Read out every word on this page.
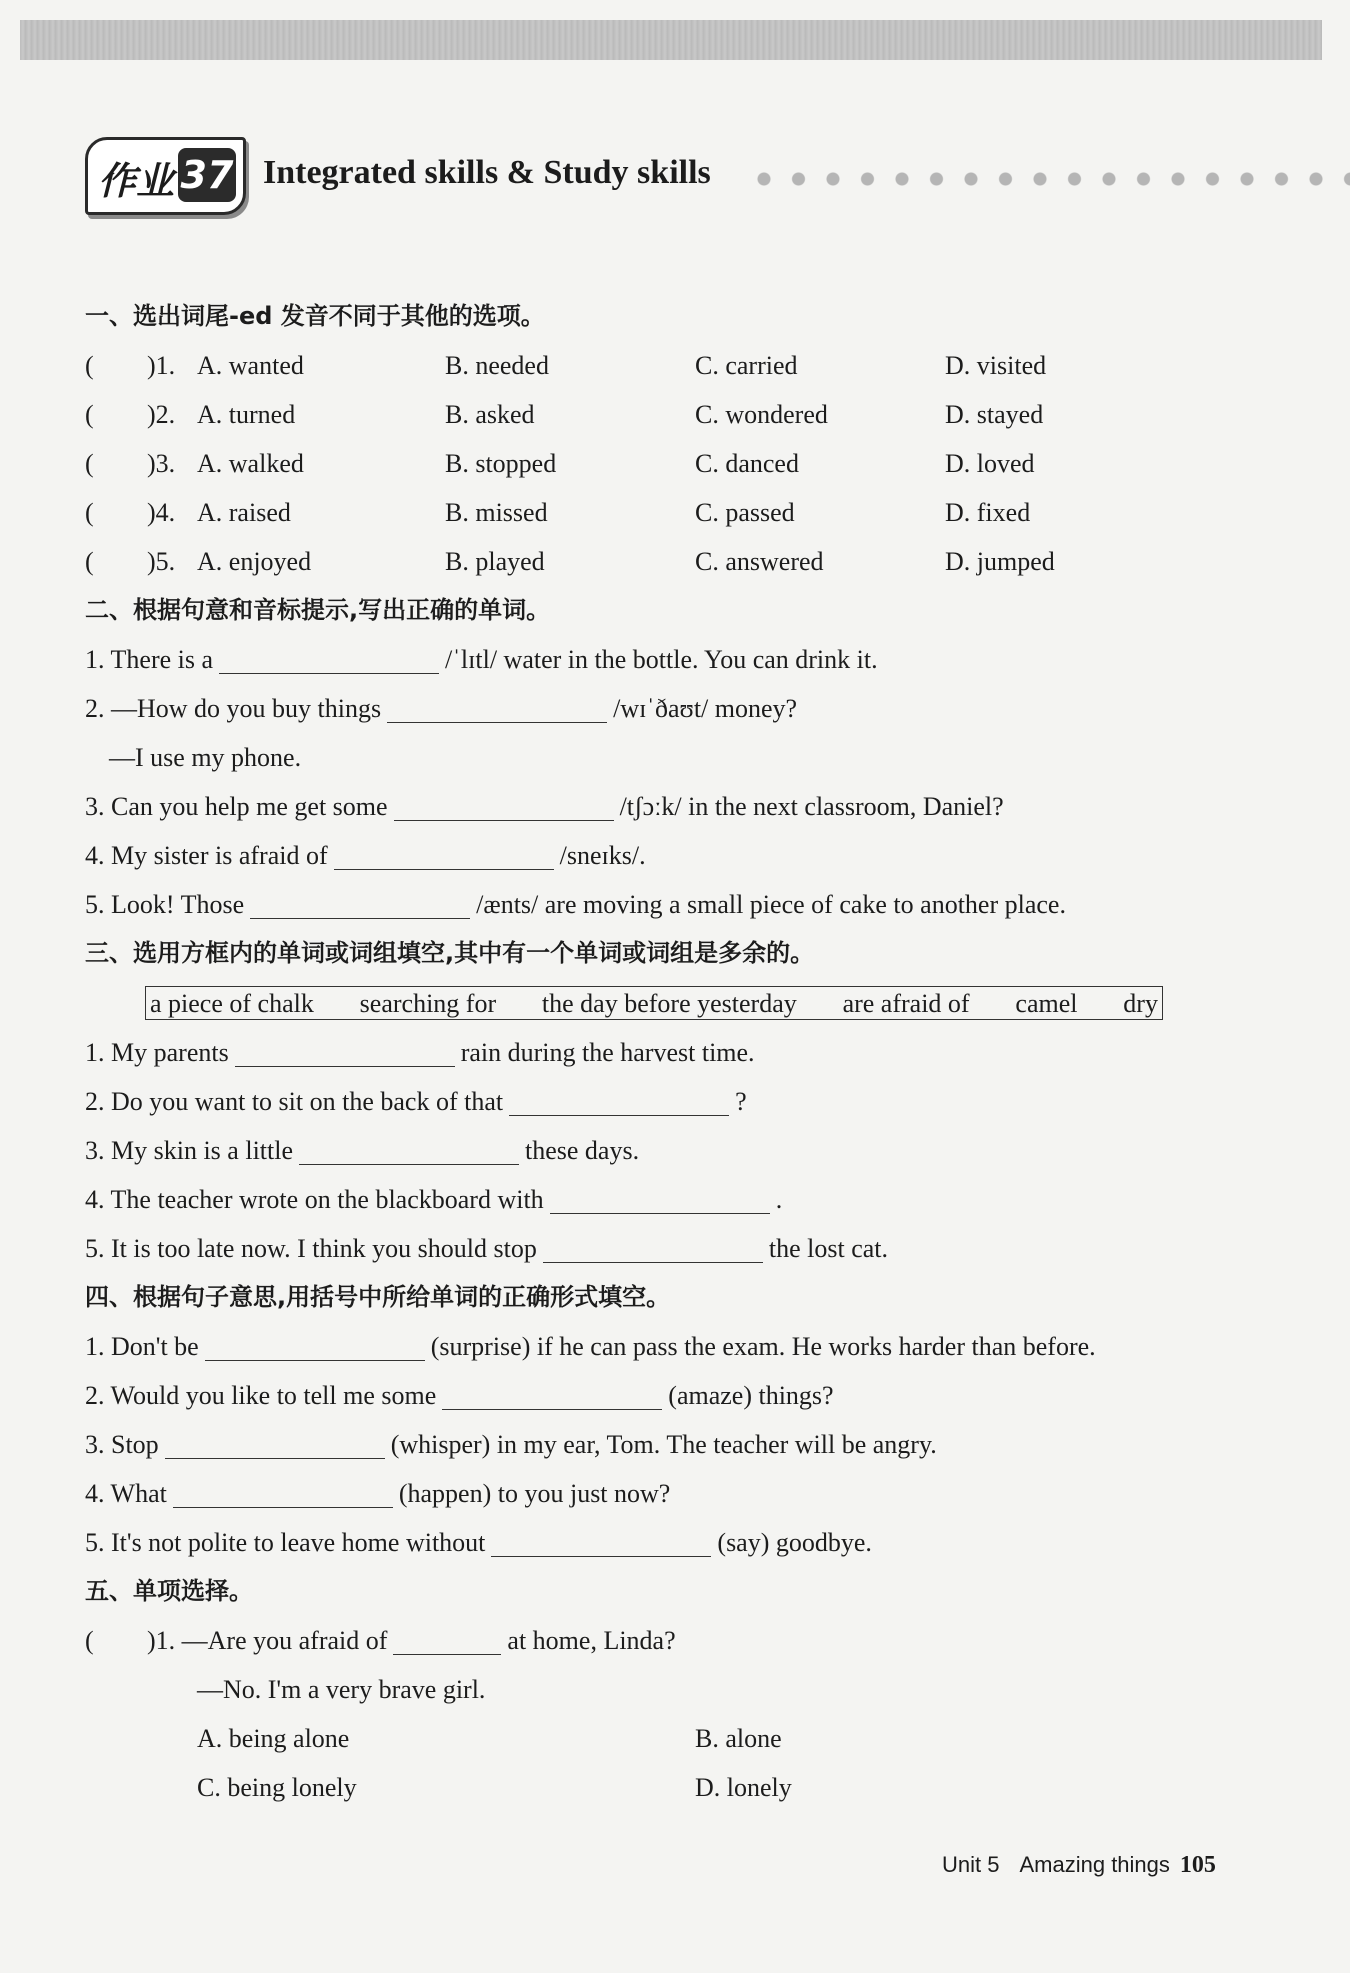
作业 37 Integrated skills & Study skills
一、选出词尾-ed 发音不同于其他的选项。
( )1. A. wanted	B. needed	C. carried	D. visited
( )2. A. turned	B. asked	C. wondered	D. stayed
( )3. A. walked	B. stopped	C. danced	D. loved
( )4. A. raised	B. missed	C. passed	D. fixed
( )5. A. enjoyed	B. played	C. answered	D. jumped
二、根据句意和音标提示,写出正确的单词。
1. There is a	/ˈlɪtl/ water in the bottle. You can drink it.
2. —How do you buy things	/wɪˈðaʊt/ money?
—I use my phone.
3. Can you help me get some	/tʃɔːk/ in the next classroom, Daniel?
4. My sister is afraid of	/sneɪks/.
5. Look! Those	/ænts/ are moving a small piece of cake to another place.
三、选用方框内的单词或词组填空,其中有一个单词或词组是多余的。
a piece of chalk searching for the day before yesterday are afraid of camel dry
1. My parents	rain during the harvest time.
2. Do you want to sit on the back of that	?
3. My skin is a little	these days.
4. The teacher wrote on the blackboard with	.
5. It is too late now. I think you should stop	the lost cat.
四、根据句子意思,用括号中所给单词的正确形式填空。
1. Don't be	(surprise) if he can pass the exam. He works harder than before.
2. Would you like to tell me some	(amaze) things?
3. Stop	(whisper) in my ear, Tom. The teacher will be angry.
4. What	(happen) to you just now?
5. It's not polite to leave home without	(say) goodbye.
五、单项选择。
( )1. —Are you afraid of	at home, Linda?
—No. I'm a very brave girl.
A. being alone	B. alone
C. being lonely	D. lonely
Unit 5 Amazing things 105
